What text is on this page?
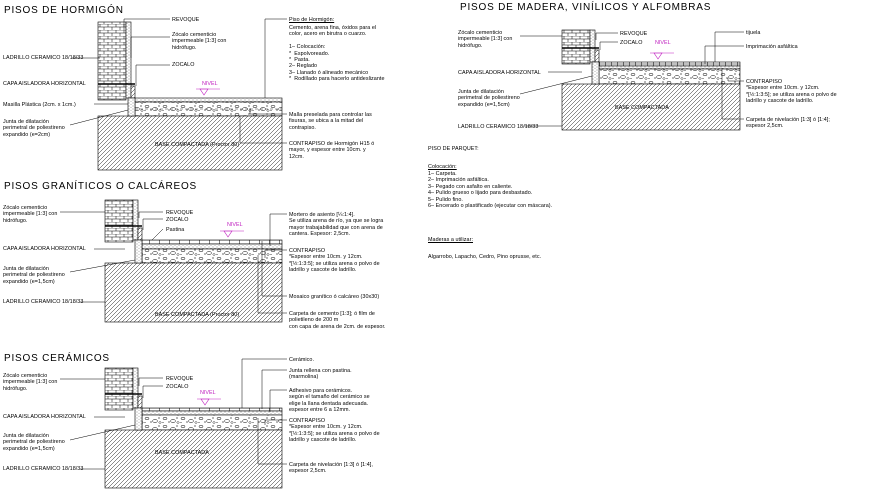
PISOS DE HORMIGÓN
REVOQUE
Zócalo cementicio
impermeable [1:3] con
hidrófugo.
ZOCALO
NIVEL
LADRILLO CERAMICO 18/18/33
CAPA AISLADORA HORIZONTAL
Masilla Plástica (2cm. x 1cm.)
Junta de dilatación
perimetral de poliestireno
expandido (e=2cm)
Piso de Hormigón:
Cemento, arena fina, óxidos para el
color, acero en birutra o cuarzo.

1– Colocación:
*  Espolvoreado.
*  Pasta.
2– Reglado
3– Llanado ó alineado mecánico
*  Rodillado para hacerlo antideslizante
Malla preselada para controlar las
fisuras, se ubica a la mitad del
contrapiso.
CONTRAPISO de Hormigón H15 ó
mayor, y espesor entre 10cm. y
12cm.
BASE COMPACTADA (Proctor 80)
PISOS GRANÍTICOS O CALCÁREOS
Zócalo cementicio
impermeable [1:3] con
hidrófugo.
REVOQUE
ZOCALO
Pastina
NIVEL
CAPA AISLADORA HORIZONTAL
Junta de dilatación
perimetral de poliestireno
expandido (e=1,5cm)
LADRILLO CERAMICO 18/18/33
Mortero de asiento [¼:1:4].
Se utiliza arena de río, ya que se logra
mayor trabajabilidad que con arena de
cantera. Espesor: 2,5cm.
CONTRAPISO
*Espesor entre 10cm. y 12cm.
*[½:1:3:5]; se utiliza arena o polvo de
ladrillo y cascote de ladrillo.
Mosaico granítico ó calcáreo (30x30)
BASE COMPACTADA (Proctor 80)	Carpeta de cemento [1:3]; ó film de
polietileno de 200 m
con capa de arena de 2cm. de espesor.
PISOS CERÁMICOS
Zócalo cementicio
impermeable [1:3] con
hidrófugo.
REVOQUE
ZOCALO
NIVEL
CAPA AISLADORA HORIZONTAL
Junta de dilatación
perimetral de poliestireno
expandido (e=1,5cm)
LADRILLO CERAMICO 18/18/33
Cerámico.
Junta rellena con pastina.
(marmolina)
Adhesivo para cerámicos.
según el tamaño del cerámico se
elige la llana dentada adecuada.
espesor entre 6 a 12mm.
CONTRAPISO
*Espesor entre 10cm. y 12cm.
*[½:1:3:5]; se utiliza arena o polvo de
ladrillo y cascote de ladrillo.
BASE COMPACTADA
Carpeta de nivelación [1:3] ó [1:4],
espesor 2,5cm.
PISOS DE MADERA, VINÍLICOS Y ALFOMBRAS
Zócalo cementicio
impermeable [1:3] con
hidrófugo.
REVOQUE
ZOCALO NIVEL
tijuela
Imprimación asfáltica
CAPA AISLADORA HORIZONTAL
CONTRAPISO
*Espesor entre 10cm. y 12cm.
*[½:1:3:5]; se utiliza arena o polvo de
ladrillo y cascote de ladrillo.
Junta de dilatación
perimetral de poliestireno
expandido (e=1,5cm)
BASE COMPACTADA
LADRILLO CERAMICO 18/18/33
Carpeta de nivelación [1:3] ó [1:4];
espesor 2,5cm.
PISO DE PARQUET:
Colocación:
1– Carpeta.
2– Imprimación asfáltica.
3– Pegado con asfalto en caliente.
4– Pulido grueso o lijado para desbastado.
5– Pulido fino.
6– Encerado o plastificado (ejecutar con máscara).
Maderas a utilizar:
Algarrobo, Lapacho, Cedro, Pino oprusse, etc.
